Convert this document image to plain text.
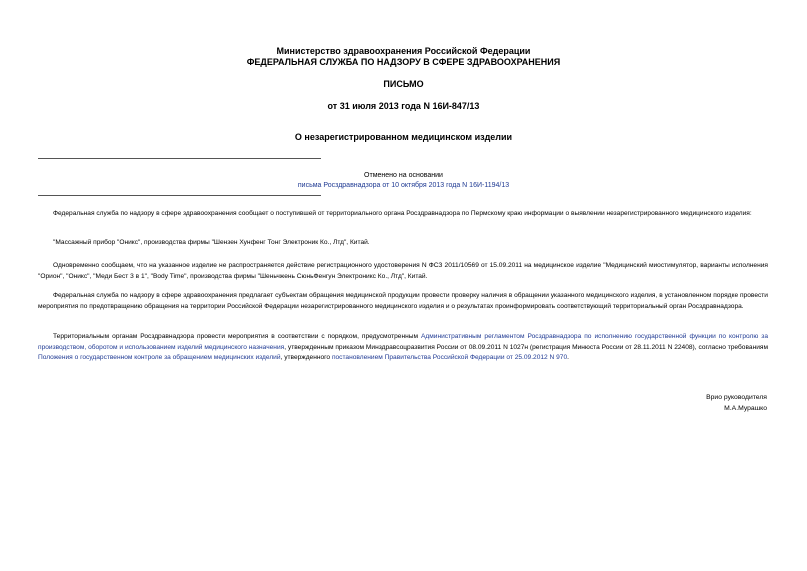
Министерство здравоохранения Российской Федерации
ФЕДЕРАЛЬНАЯ СЛУЖБА ПО НАДЗОРУ В СФЕРЕ ЗДРАВООХРАНЕНИЯ
ПИСЬМО
от 31 июля 2013 года N 16И-847/13
О незарегистрированном медицинском изделии
Отменено на основании
письма Росздравнадзора от 10 октября 2013 года N 16И-1194/13
Федеральная служба по надзору в сфере здравоохранения сообщает о поступившей от территориального органа Росздравнадзора по Пермскому краю информации о выявлении незарегистрированного медицинского изделия:
"Массажный прибор "Оникс", производства фирмы "Шензен Хунфенг Тонг Электроник Ко., Лтд", Китай.
Одновременно сообщаем, что на указанное изделие не распространяется действие регистрационного удостоверения N ФСЗ 2011/10569 от 15.09.2011 на медицинское изделие "Медицинский миостимулятор, варианты исполнения "Орион", "Оникс", "Меди Бест 3 в 1", "Body Time", производства фирмы "Шеньчжень СюньФенгун Электроникс Ко., Лтд", Китай.
Федеральная служба по надзору в сфере здравоохранения предлагает субъектам обращения медицинской продукции провести проверку наличия в обращении указанного медицинского изделия, в установленном порядке провести мероприятия по предотвращению обращения на территории Российской Федерации незарегистрированного медицинского изделия и о результатах проинформировать соответствующий территориальный орган Росздравнадзора.
Территориальным органам Росздравнадзора провести мероприятия в соответствии с порядком, предусмотренным Административным регламентом Росздравнадзора по исполнению государственной функции по контролю за производством, оборотом и использованием изделий медицинского назначения, утвержденным приказом Минздравсоцразвития России от 08.09.2011 N 1027н (регистрация Минюста России от 28.11.2011 N 22408), согласно требованиям Положения о государственном контроле за обращением медицинских изделий, утвержденного постановлением Правительства Российской Федерации от 25.09.2012 N 970.
Врио руководителя
М.А.Мурашко
